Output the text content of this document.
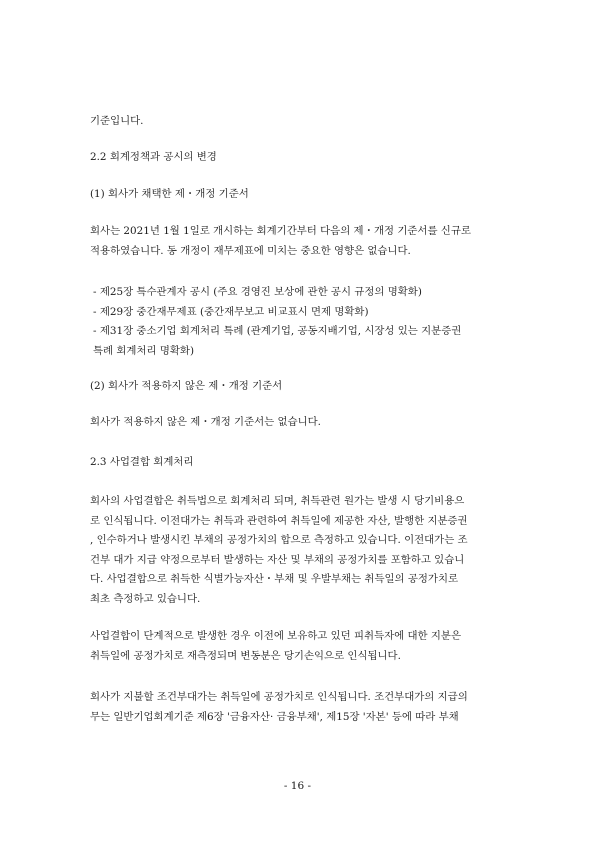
기준입니다.
2.2 회계정책과 공시의 변경
(1) 회사가 채택한 제・개정 기준서
회사는 2021년 1월 1일로 개시하는 회계기간부터 다음의 제・개정 기준서를 신규로
적용하였습니다. 동 개정이 재무제표에 미치는 중요한 영향은 없습니다.
- 제25장 특수관계자 공시 (주요 경영진 보상에 관한 공시 규정의 명확화)
- 제29장 중간재무제표 (중간재무보고 비교표시 면제 명확화)
- 제31장 중소기업 회계처리 특례 (관계기업, 공동지배기업, 시장성 있는 지분증권
특례 회계처리 명확화)
(2) 회사가 적용하지 않은 제・개정 기준서
회사가 적용하지 않은 제・개정 기준서는 없습니다.
2.3 사업결합 회계처리
회사의 사업결합은 취득법으로 회계처리 되며, 취득관련 원가는 발생 시 당기비용으
로 인식됩니다. 이전대가는 취득과 관련하여 취득일에 제공한 자산, 발행한 지분증권
, 인수하거나 발생시킨 부채의 공정가치의 합으로 측정하고 있습니다. 이전대가는 조
건부 대가 지급 약정으로부터 발생하는 자산 및 부채의 공정가치를 포함하고 있습니
다. 사업결합으로 취득한 식별가능자산・부채 및 우발부채는 취득일의 공정가치로
최초 측정하고 있습니다.
사업결합이 단계적으로 발생한 경우 이전에 보유하고 있던 피취득자에 대한 지분은
취득일에 공정가치로 재측정되며 변동분은 당기손익으로 인식됩니다.
회사가 지불할 조건부대가는 취득일에 공정가치로 인식됩니다. 조건부대가의 지급의
무는 일반기업회계기준 제6장 '금융자산· 금융부채', 제15장 '자본' 등에 따라 부채
- 16 -
